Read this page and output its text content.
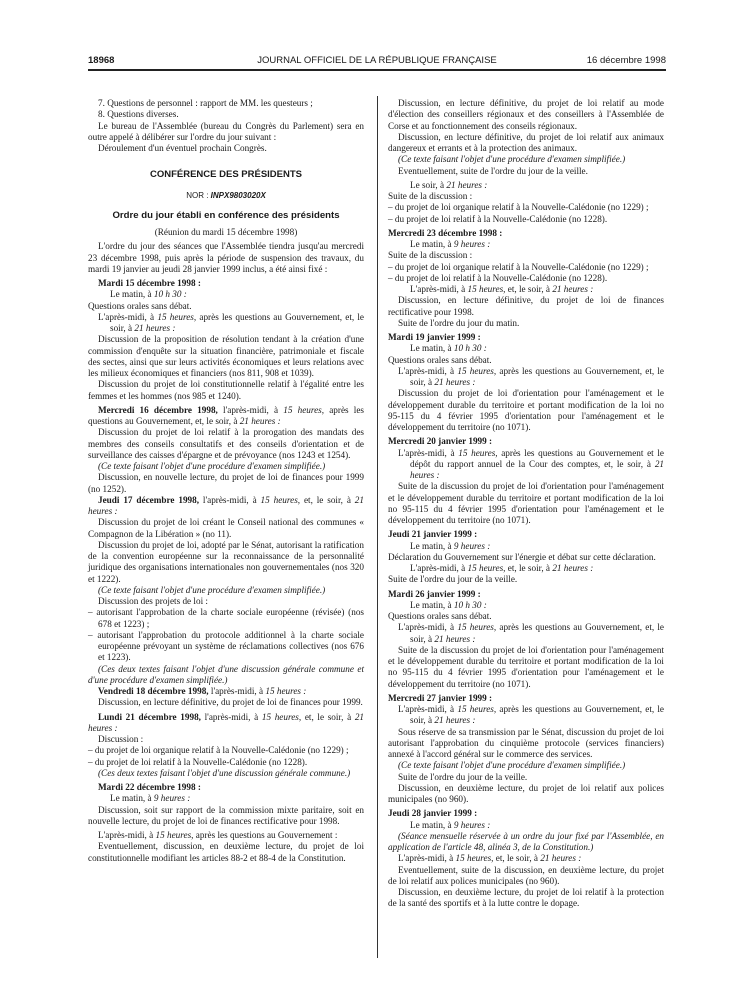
18968	JOURNAL OFFICIEL DE LA RÉPUBLIQUE FRANÇAISE	16 décembre 1998

7. Questions de personnel : rapport de MM. les questeurs ;

8. Questions diverses.

Le bureau de l'Assemblée (bureau du Congrès du Parlement) sera en outre appelé à délibérer sur l'ordre du jour suivant :

Déroulement d'un éventuel prochain Congrès.

CONFÉRENCE DES PRÉSIDENTS

NOR : INPX9803020X

Ordre du jour établi en conférence des présidents

(Réunion du mardi 15 décembre 1998)

L'ordre du jour des séances que l'Assemblée tiendra jusqu'au mercredi 23 décembre 1998, puis après la période de suspension des travaux, du mardi 19 janvier au jeudi 28 janvier 1999 inclus, a été ainsi fixé :

Mardi 15 décembre 1998 :

Le matin, à 10 h 30 :

Questions orales sans débat.

L'après-midi, à 15 heures, après les questions au Gouvernement, et, le soir, à 21 heures :

Discussion de la proposition de résolution tendant à la création d'une commission d'enquête sur la situation financière, patrimoniale et fiscale des sectes, ainsi que sur leurs activités économiques et leurs relations avec les milieux économiques et financiers (nos 811, 908 et 1039).

Discussion du projet de loi constitutionnelle relatif à l'égalité entre les femmes et les hommes (nos 985 et 1240).

Mercredi 16 décembre 1998, l'après-midi, à 15 heures, après les questions au Gouvernement, et, le soir, à 21 heures :

Discussion du projet de loi relatif à la prorogation des mandats des membres des conseils consultatifs et des conseils d'orientation et de surveillance des caisses d'épargne et de prévoyance (nos 1243 et 1254).

(Ce texte faisant l'objet d'une procédure d'examen simplifiée.)

Discussion, en nouvelle lecture, du projet de loi de finances pour 1999 (no 1252).

Jeudi 17 décembre 1998, l'après-midi, à 15 heures, et, le soir, à 21 heures :

Discussion du projet de loi créant le Conseil national des communes « Compagnon de la Libération » (no 11).

Discussion du projet de loi, adopté par le Sénat, autorisant la ratification de la convention européenne sur la reconnaissance de la personnalité juridique des organisations internationales non gouvernementales (nos 320 et 1222).

(Ce texte faisant l'objet d'une procédure d'examen simplifiée.)

Discussion des projets de loi :

– autorisant l'approbation de la charte sociale européenne (révisée) (nos 678 et 1223) ;

– autorisant l'approbation du protocole additionnel à la charte sociale européenne prévoyant un système de réclamations collectives (nos 676 et 1223).

(Ces deux textes faisant l'objet d'une discussion générale commune et d'une procédure d'examen simplifiée.)

Vendredi 18 décembre 1998, l'après-midi, à 15 heures :

Discussion, en lecture définitive, du projet de loi de finances pour 1999.

Lundi 21 décembre 1998, l'après-midi, à 15 heures, et, le soir, à 21 heures :

Discussion :

– du projet de loi organique relatif à la Nouvelle-Calédonie (no 1229) ;

– du projet de loi relatif à la Nouvelle-Calédonie (no 1228).

(Ces deux textes faisant l'objet d'une discussion générale commune.)

Mardi 22 décembre 1998 :

Le matin, à 9 heures :

Discussion, soit sur rapport de la commission mixte paritaire, soit en nouvelle lecture, du projet de loi de finances rectificative pour 1998.

L'après-midi, à 15 heures, après les questions au Gouvernement :

Eventuellement, discussion, en deuxième lecture, du projet de loi constitutionnelle modifiant les articles 88-2 et 88-4 de la Constitution.

Discussion, en lecture définitive, du projet de loi relatif au mode d'élection des conseillers régionaux et des conseillers à l'Assemblée de Corse et au fonctionnement des conseils régionaux.

Discussion, en lecture définitive, du projet de loi relatif aux animaux dangereux et errants et à la protection des animaux.

(Ce texte faisant l'objet d'une procédure d'examen simplifiée.)

Eventuellement, suite de l'ordre du jour de la veille.

Le soir, à 21 heures :

Suite de la discussion :

– du projet de loi organique relatif à la Nouvelle-Calédonie (no 1229) ;

– du projet de loi relatif à la Nouvelle-Calédonie (no 1228).

Mercredi 23 décembre 1998 :

Le matin, à 9 heures :

Suite de la discussion :

– du projet de loi organique relatif à la Nouvelle-Calédonie (no 1229) ;

– du projet de loi relatif à la Nouvelle-Calédonie (no 1228).

L'après-midi, à 15 heures, et, le soir, à 21 heures :

Discussion, en lecture définitive, du projet de loi de finances rectificative pour 1998.

Suite de l'ordre du jour du matin.

Mardi 19 janvier 1999 :

Le matin, à 10 h 30 :

Questions orales sans débat.

L'après-midi, à 15 heures, après les questions au Gouvernement, et, le soir, à 21 heures :

Discussion du projet de loi d'orientation pour l'aménagement et le développement durable du territoire et portant modification de la loi no 95-115 du 4 février 1995 d'orientation pour l'aménagement et le développement du territoire (no 1071).

Mercredi 20 janvier 1999 :

L'après-midi, à 15 heures, après les questions au Gouvernement et le dépôt du rapport annuel de la Cour des comptes, et, le soir, à 21 heures :

Suite de la discussion du projet de loi d'orientation pour l'aménagement et le développement durable du territoire et portant modification de la loi no 95-115 du 4 février 1995 d'orientation pour l'aménagement et le développement du territoire (no 1071).

Jeudi 21 janvier 1999 :

Le matin, à 9 heures :

Déclaration du Gouvernement sur l'énergie et débat sur cette déclaration.

L'après-midi, à 15 heures, et, le soir, à 21 heures :

Suite de l'ordre du jour de la veille.

Mardi 26 janvier 1999 :

Le matin, à 10 h 30 :

Questions orales sans débat.

L'après-midi, à 15 heures, après les questions au Gouvernement, et, le soir, à 21 heures :

Suite de la discussion du projet de loi d'orientation pour l'aménagement et le développement durable du territoire et portant modification de la loi no 95-115 du 4 février 1995 d'orientation pour l'aménagement et le développement du territoire (no 1071).

Mercredi 27 janvier 1999 :

L'après-midi, à 15 heures, après les questions au Gouvernement, et, le soir, à 21 heures :

Sous réserve de sa transmission par le Sénat, discussion du projet de loi autorisant l'approbation du cinquième protocole (services financiers) annexé à l'accord général sur le commerce des services.

(Ce texte faisant l'objet d'une procédure d'examen simplifiée.)

Suite de l'ordre du jour de la veille.

Discussion, en deuxième lecture, du projet de loi relatif aux polices municipales (no 960).

Jeudi 28 janvier 1999 :

Le matin, à 9 heures :

(Séance mensuelle réservée à un ordre du jour fixé par l'Assemblée, en application de l'article 48, alinéa 3, de la Constitution.)

L'après-midi, à 15 heures, et, le soir, à 21 heures :

Eventuellement, suite de la discussion, en deuxième lecture, du projet de loi relatif aux polices municipales (no 960).

Discussion, en deuxième lecture, du projet de loi relatif à la protection de la santé des sportifs et à la lutte contre le dopage.
